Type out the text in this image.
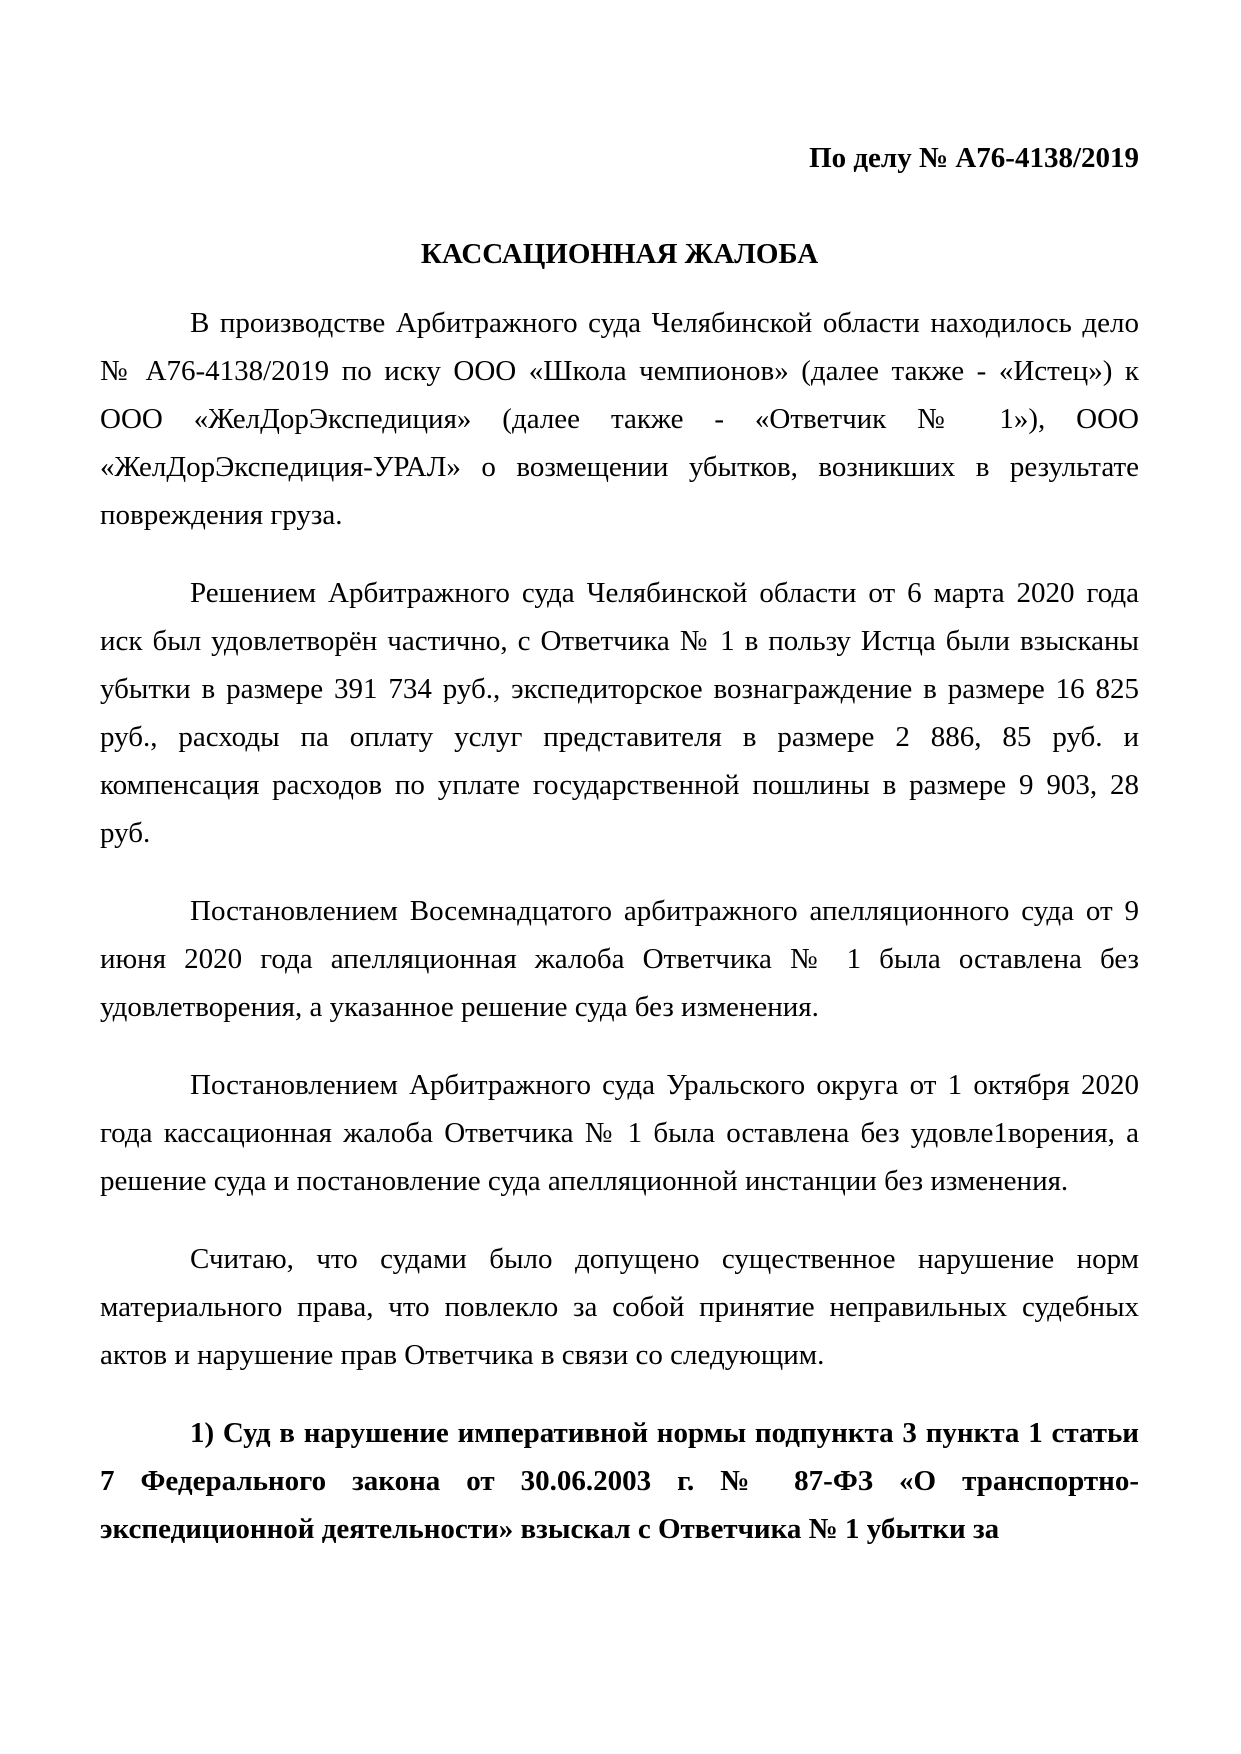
По делу № А76-4138/2019
КАССАЦИОННАЯ ЖАЛОБА

В производстве Арбитражного суда Челябинской области находилось дело № А76-4138/2019 по иску ООО «Школа чемпионов» (далее также - «Истец») к ООО «ЖелДорЭкспедиция» (далее также - «Ответчик № 1»), ООО «ЖелДорЭкспедиция-УРАЛ» о возмещении убытков, возникших в результате повреждения груза.

Решением Арбитражного суда Челябинской области от 6 марта 2020 года иск был удовлетворён частично, с Ответчика № 1 в пользу Истца были взысканы убытки в размере 391 734 руб., экспедиторское вознаграждение в размере 16 825 руб., расходы па оплату услуг представителя в размере 2 886, 85 руб. и компенсация расходов по уплате государственной пошлины в размере 9 903, 28 руб.

Постановлением Восемнадцатого арбитражного апелляционного суда от 9 июня 2020 года апелляционная жалоба Ответчика № 1 была оставлена без удовлетворения, а указанное решение суда без изменения.

Постановлением Арбитражного суда Уральского округа от 1 октября 2020 года кассационная жалоба Ответчика № 1 была оставлена без удовле1ворения, а решение суда и постановление суда апелляционной инстанции без изменения.

Считаю, что судами было допущено существенное нарушение норм материального права, что повлекло за собой принятие неправильных судебных актов и нарушение прав Ответчика в связи со следующим.

1) Суд в нарушение императивной нормы подпункта 3 пункта 1 статьи 7 Федерального закона от 30.06.2003 г. № 87-ФЗ «О транспортно-экспедиционной деятельности» взыскал с Ответчика № 1 убытки за
